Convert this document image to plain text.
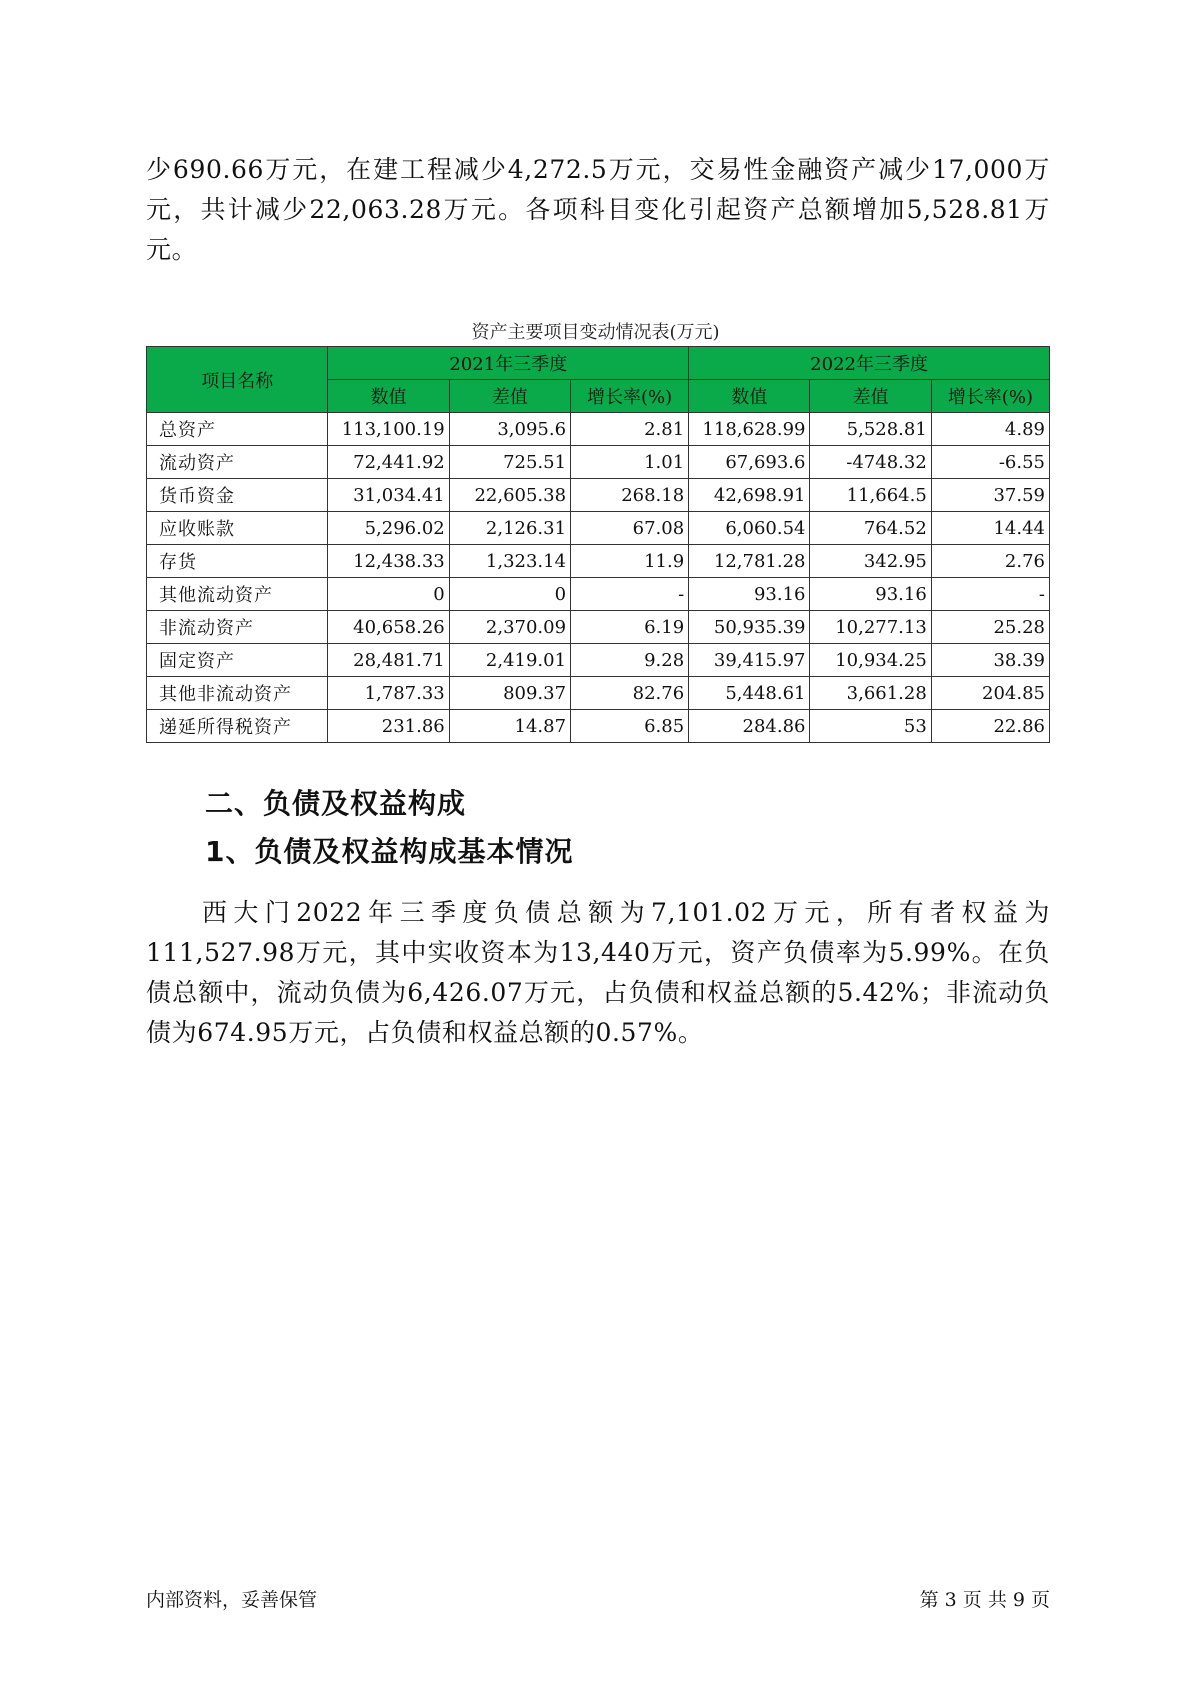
少690.66万元，在建工程减少4,272.5万元，交易性金融资产减少17,000万元，共计减少22,063.28万元。各项科目变化引起资产总额增加5,528.81万元。
资产主要项目变动情况表(万元)
项目名称	2021年三季度			2022年三季度		
	数值	差值	增长率(%)	数值	差值	增长率(%)
总资产	113,100.19	3,095.6	2.81	118,628.99	5,528.81	4.89
流动资产	72,441.92	725.51	1.01	67,693.6	-4748.32	-6.55
货币资金	31,034.41	22,605.38	268.18	42,698.91	11,664.5	37.59
应收账款	5,296.02	2,126.31	67.08	6,060.54	764.52	14.44
存货	12,438.33	1,323.14	11.9	12,781.28	342.95	2.76
其他流动资产	0	0	-	93.16	93.16	-
非流动资产	40,658.26	2,370.09	6.19	50,935.39	10,277.13	25.28
固定资产	28,481.71	2,419.01	9.28	39,415.97	10,934.25	38.39
其他非流动资产	1,787.33	809.37	82.76	5,448.61	3,661.28	204.85
递延所得税资产	231.86	14.87	6.85	284.86	53	22.86
二、负债及权益构成
1、负债及权益构成基本情况
西大门2022年三季度负债总额为7,101.02万元，所有者权益为111,527.98万元，其中实收资本为13,440万元，资产负债率为5.99%。在负债总额中，流动负债为6,426.07万元，占负债和权益总额的5.42%；非流动负债为674.95万元，占负债和权益总额的0.57%。
内部资料，妥善保管	第 3 页 共 9 页
